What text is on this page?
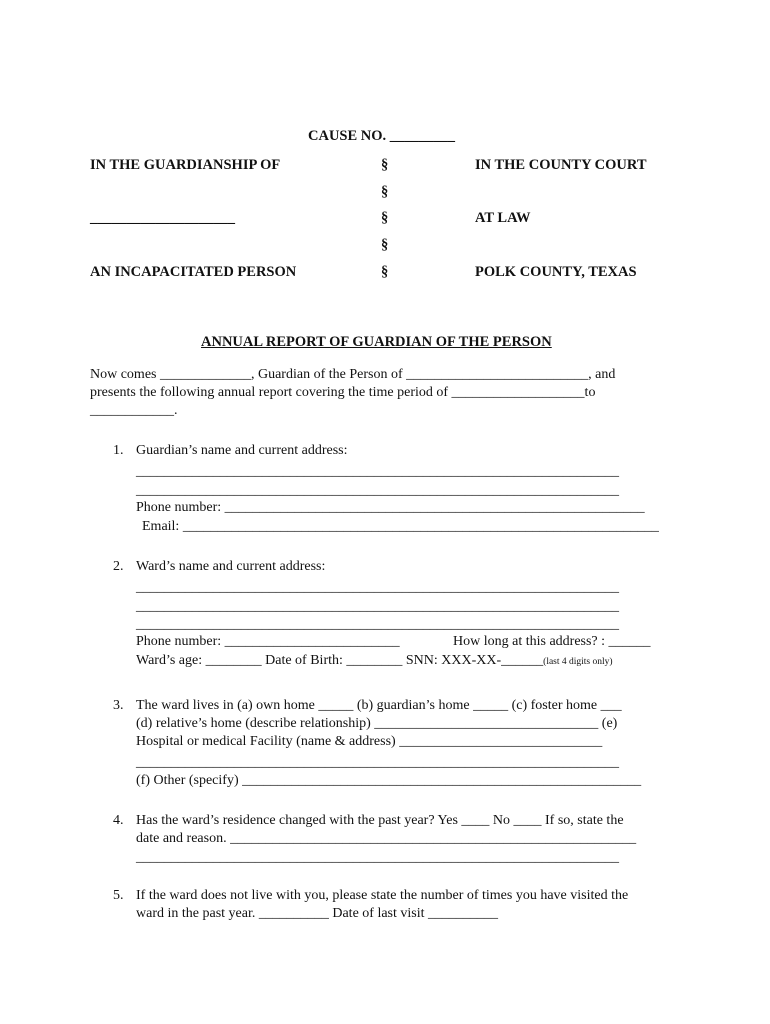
CAUSE NO. _________
IN THE GUARDIANSHIP OF
____________________
AN INCAPACITATED PERSON
§
§
§
§
§
IN THE COUNTY COURT
AT LAW
POLK COUNTY, TEXAS
ANNUAL REPORT OF GUARDIAN OF THE PERSON
Now comes _____________, Guardian of the Person of __________________________, and
presents the following annual report covering the time period of ___________________to
____________.
1. Guardian’s name and current address:
_____________________________________________________________________
_____________________________________________________________________
Phone number: ____________________________________________________________
Email: ____________________________________________________________________
2. Ward’s name and current address:
_____________________________________________________________________
_____________________________________________________________________
_____________________________________________________________________
Phone number: _________________________	How long at this address? : ______
Ward’s age: ________ Date of Birth: ________ SNN: XXX-XX-______(last 4 digits only)
3. The ward lives in (a) own home _____ (b) guardian’s home _____ (c) foster home ___
(d) relative’s home (describe relationship) ________________________________ (e)
Hospital or medical Facility (name & address) _____________________________
_____________________________________________________________________
(f) Other (specify) _________________________________________________________
4. Has the ward’s residence changed with the past year? Yes ____ No ____ If so, state the
date and reason. __________________________________________________________
_____________________________________________________________________
5. If the ward does not live with you, please state the number of times you have visited the
ward in the past year. __________ Date of last visit __________
